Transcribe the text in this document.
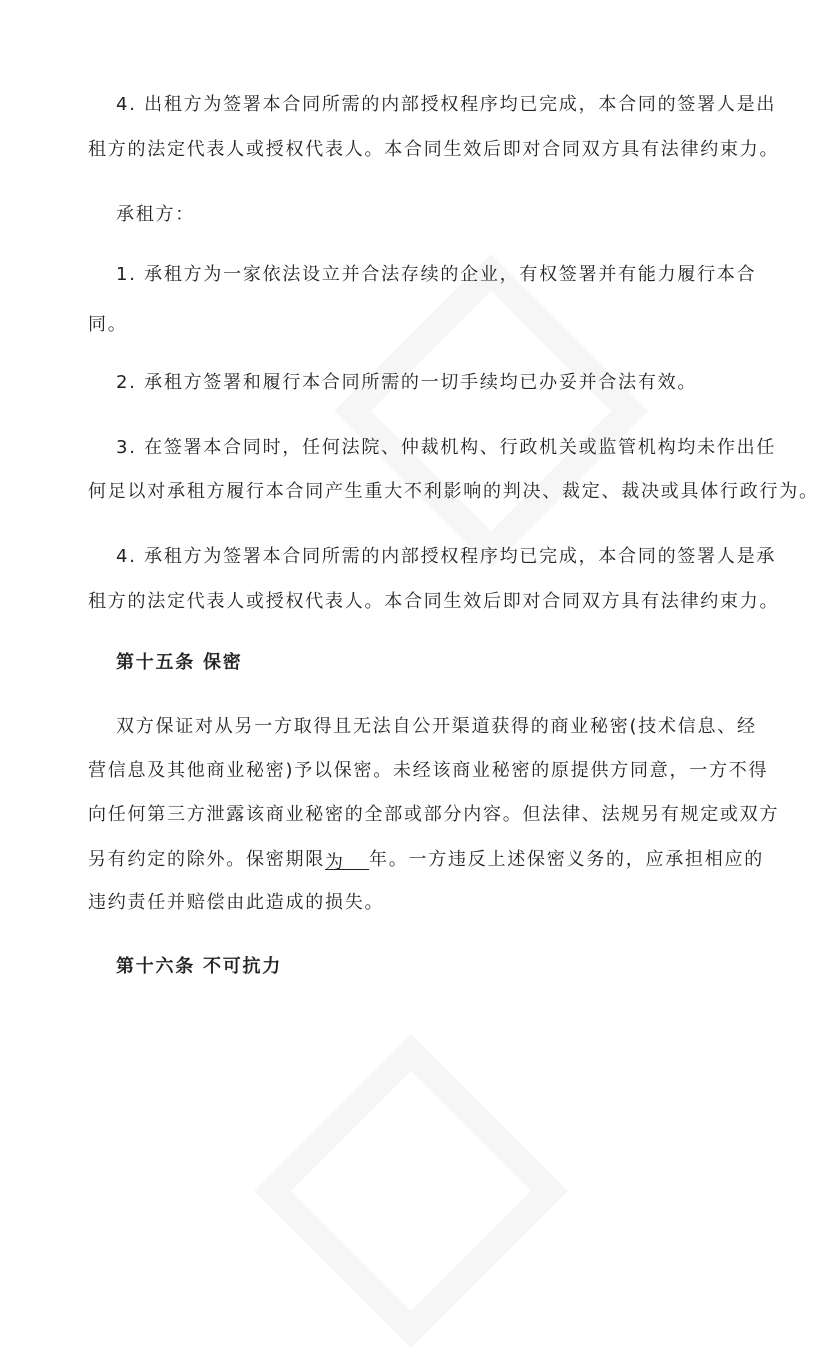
4. 出租方为签署本合同所需的内部授权程序均已完成，本合同的签署人是出
租方的法定代表人或授权代表人。本合同生效后即对合同双方具有法律约束力。
承租方：
1. 承租方为一家依法设立并合法存续的企业，有权签署并有能力履行本合
同。
2. 承租方签署和履行本合同所需的一切手续均已办妥并合法有效。
3. 在签署本合同时，任何法院、仲裁机构、行政机关或监管机构均未作出任
何足以对承租方履行本合同产生重大不利影响的判决、裁定、裁决或具体行政行为。
4. 承租方为签署本合同所需的内部授权程序均已完成，本合同的签署人是承
租方的法定代表人或授权代表人。本合同生效后即对合同双方具有法律约束力。
第十五条 保密
双方保证对从另一方取得且无法自公开渠道获得的商业秘密(技术信息、经
营信息及其他商业秘密)予以保密。未经该商业秘密的原提供方同意，一方不得
向任何第三方泄露该商业秘密的全部或部分内容。但法律、法规另有规定或双方
另有约定的除外。保密期限为 年。一方违反上述保密义务的，应承担相应的
违约责任并赔偿由此造成的损失。
第十六条 不可抗力
